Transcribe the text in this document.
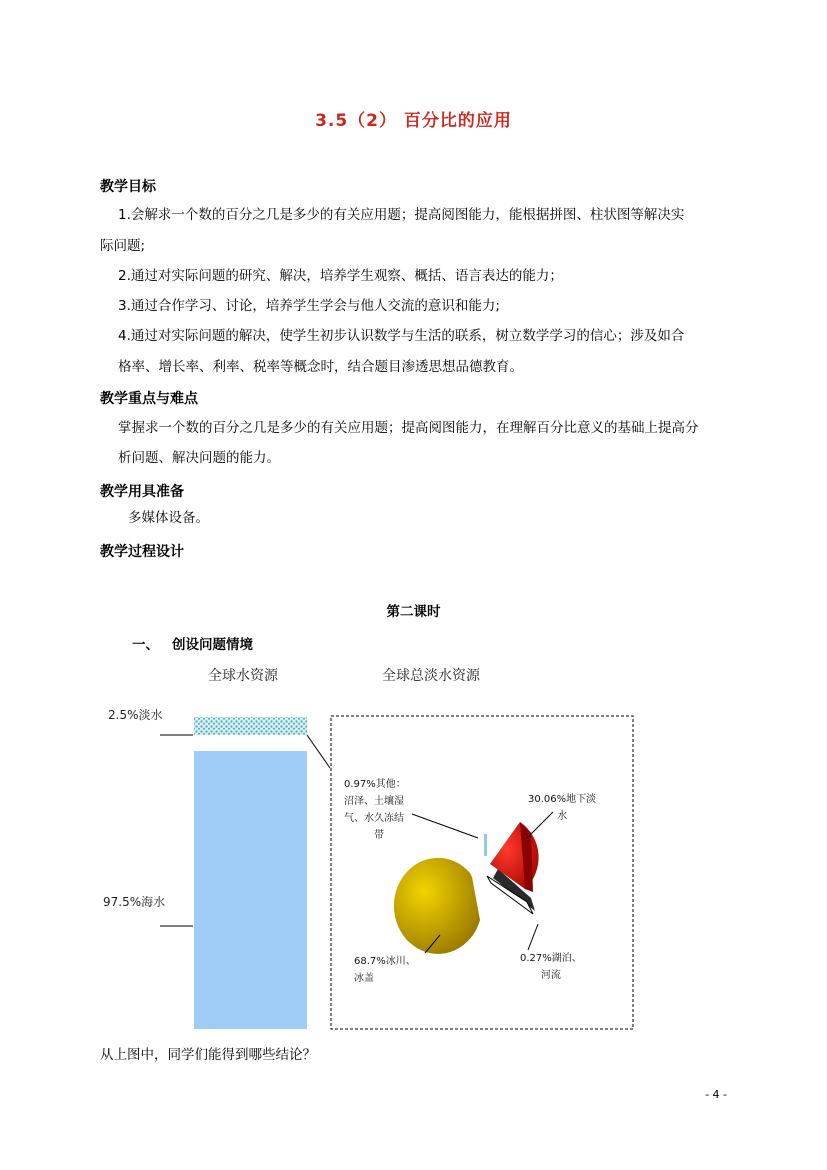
3.5（2） 百分比的应用
教学目标
1.会解求一个数的百分之几是多少的有关应用题；提高阅图能力，能根据拼图、柱状图等解决实
际问题;
2.通过对实际问题的研究、解决，培养学生观察、概括、语言表达的能力；
3.通过合作学习、讨论，培养学生学会与他人交流的意识和能力;
4.通过对实际问题的解决，使学生初步认识数学与生活的联系，树立数学学习的信心；涉及如合
格率、增长率、利率、税率等概念时，结合题目渗透思想品德教育。
教学重点与难点
掌握求一个数的百分之几是多少的有关应用题；提高阅图能力，在理解百分比意义的基础上提高分
析问题、解决问题的能力。
教学用具准备
多媒体设备。
教学过程设计
第二课时
一、 创设问题情境
全球水资源	全球总淡水资源
2.5%淡水
97.5%海水
0.97%其他：
沼泽、土壤湿
气、水久冻结
带
30.06%地下淡
水
0.27%湖泊、
河流
68.7%冰川、
冰盖
从上图中，同学们能得到哪些结论？
- 4 -
